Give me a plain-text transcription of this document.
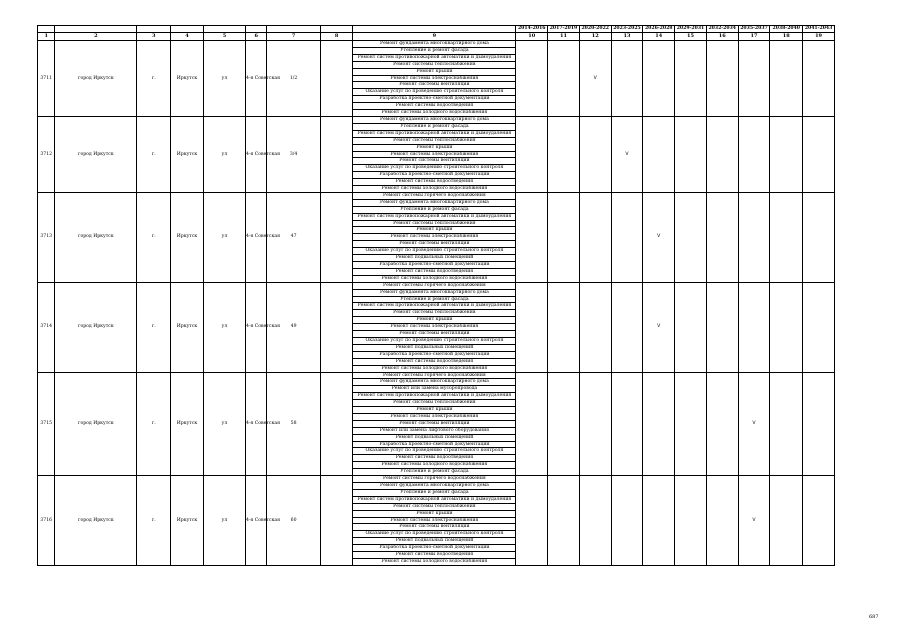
									2014-2016	2017-2019	2020-2022	2023-2025	2026-2028	2029-2031	2032-2034	2035-2037	2038-2040	2041-2043
1	2	3	4	5	6	7	8	9	10	11	12	13	14	15	16	17	18	19
3711	город Иркутск	г.	Иркутск	ул	4-я Советская	1/2		Ремонт фундамента многоквартирного дома			V							
								Утепление и ремонт фасада										
								Ремонт систем противопожарной автоматики и дымоудаления										
								Ремонт системы теплоснабжения										
								Ремонт крыши										
								Ремонт системы электроснабжения										
								Ремонт системы вентиляции										
								Оказание услуг по проведению строительного контроля										
								Разработка проектно-сметной документации										
								Ремонт системы водоотведения										
								Ремонт системы холодного водоснабжения										
3712	город Иркутск	г.	Иркутск	ул	4-я Советская	3/4		Ремонт фундамента многоквартирного дома				V						
								Утепление и ремонт фасада										
								Ремонт систем противопожарной автоматики и дымоудаления										
								Ремонт системы теплоснабжения										
								Ремонт крыши										
								Ремонт системы электроснабжения										
								Ремонт системы вентиляции										
								Оказание услуг по проведению строительного контроля										
								Разработка проектно-сметной документации										
								Ремонт системы водоотведения										
								Ремонт системы холодного водоснабжения										
3713	город Иркутск	г.	Иркутск	ул	4-я Советская	47		Ремонт системы горячего водоснабжения					V					
								Ремонт фундамента многоквартирного дома										
								Утепление и ремонт фасада										
								Ремонт систем противопожарной автоматики и дымоудаления										
								Ремонт системы теплоснабжения										
								Ремонт крыши										
								Ремонт системы электроснабжения										
								Ремонт системы вентиляции										
								Оказание услуг по проведению строительного контроля										
								Ремонт подвальных помещений										
								Разработка проектно-сметной документации										
								Ремонт системы водоотведения										
								Ремонт системы холодного водоснабжения										
3714	город Иркутск	г.	Иркутск	ул	4-я Советская	49		Ремонт системы горячего водоснабжения					V					
								Ремонт фундамента многоквартирного дома										
								Утепление и ремонт фасада										
								Ремонт систем противопожарной автоматики и дымоудаления										
								Ремонт системы теплоснабжения										
								Ремонт крыши										
								Ремонт системы электроснабжения										
								Ремонт системы вентиляции										
								Оказание услуг по проведению строительного контроля										
								Ремонт подвальных помещений										
								Разработка проектно-сметной документации										
								Ремонт системы водоотведения										
								Ремонт системы холодного водоснабжения										
3715	город Иркутск	г.	Иркутск	ул	4-я Советская	58		Ремонт системы горячего водоснабжения								V		
								Ремонт фундамента многоквартирного дома										
								Ремонт или замена мусоропровода										
								Ремонт систем противопожарной автоматики и дымоудаления										
								Ремонт системы теплоснабжения										
								Ремонт крыши										
								Ремонт системы электроснабжения										
								Ремонт системы вентиляции										
								Ремонт или замена лифтового оборудования										
								Ремонт подвальных помещений										
								Разработка проектно-сметной документации										
								Оказание услуг по проведению строительного контроля										
								Ремонт системы водоотведения										
								Ремонт системы холодного водоснабжения										
								Утепление и ремонт фасада										
3716	город Иркутск	г.	Иркутск	ул	4-я Советская	60		Ремонт системы горячего водоснабжения								V		
								Ремонт фундамента многоквартирного дома										
								Утепление и ремонт фасада										
								Ремонт систем противопожарной автоматики и дымоудаления										
								Ремонт системы теплоснабжения										
								Ремонт крыши										
								Ремонт системы электроснабжения										
								Ремонт системы вентиляции										
								Оказание услуг по проведению строительного контроля										
								Ремонт подвальных помещений										
								Разработка проектно-сметной документации										
								Ремонт системы водоотведения										
								Ремонт системы холодного водоснабжения										
687
